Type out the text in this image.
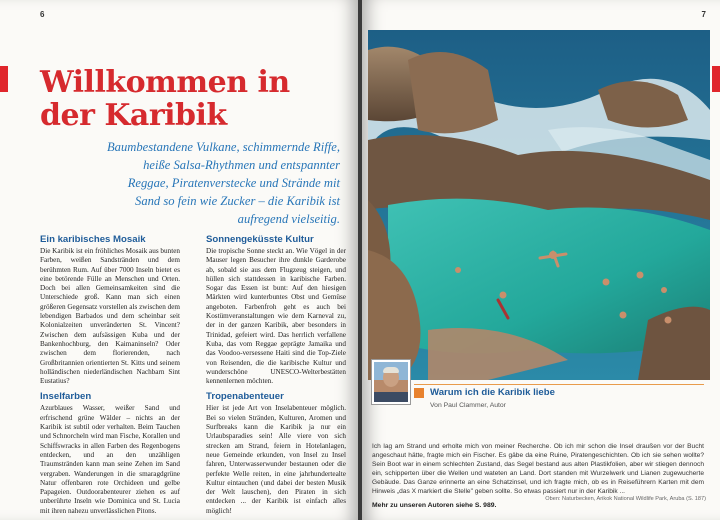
6
Willkommen in der Karibik

Baumbestandene Vulkane, schimmernde Riffe, heiße Salsa-Rhythmen und entspannter Reggae, Piratenverstecke und Strände mit Sand so fein wie Zucker – die Karibik ist aufregend vielseitig.

Ein karibisches Mosaik

Die Karibik ist ein fröhliches Mosaik aus bunten Farben, weißen Sandstränden und dem berühmten Rum. Auf über 7000 Inseln bietet es eine betörende Fülle an Menschen und Orten. Doch bei allen Gemeinsamkeiten sind die Unterschiede groß. Kann man sich einen größeren Gegensatz vorstellen als zwischen dem lebendigen Barbados und dem scheinbar seit Kolonialzeiten unveränderten St. Vincent? Zwischen dem aufsässigen Kuba und der Bankenhochburg, den Kaimaninseln? Oder zwischen dem florierenden, nach Großbritannien orientierten St. Kitts und seinem holländischen niederländischen Nachbarn Sint Eustatius?

Inselfarben

Azurblaues Wasser, weißer Sand und erfrischend grüne Wälder – nichts an der Karibik ist subtil oder verhalten. Beim Tauchen und Schnorcheln wird man Fische, Korallen und Schiffswracks in allen Farben des Regenbogens entdecken, und an den unzähligen Traumstränden kann man seine Zehen im Sand vergraben. Wanderungen in die smaragdgrüne Natur offenbaren rote Orchideen und gelbe Papageien. Outdoorabenteurer ziehen es auf unberührte Inseln wie Dominica und St. Lucia mit ihren nahezu unverlässlichen Pitons.

Sonnengeküsste Kultur

Die tropische Sonne steckt an. Wie Vögel in der Mauser legen Besucher ihre dunkle Garderobe ab, sobald sie aus dem Flugzeug steigen, und hüllen sich stattdessen in karibische Farben. Sogar das Essen ist bunt: Auf den hiesigen Märkten wird kunterbuntes Obst und Gemüse angeboten. Farbenfroh geht es auch bei Kostümveranstaltungen wie dem Karneval zu, der in der ganzen Karibik, aber besonders in Trinidad, gefeiert wird. Das herrlich verfallene Kuba, das vom Reggae geprägte Jamaika und das Voodoo-versessene Haiti sind die Top-Ziele von Reisenden, die die karibische Kultur und wunderschöne UNESCO-Welterbestätten kennenlernen möchten.

Tropenabenteuer

Hier ist jede Art von Inselabenteuer möglich. Bei so vielen Stränden, Kulturen, Aromen und Surfbreaks kann die Karibik ja nur ein Urlaubsparadies sein! Alle viere von sich strecken am Strand, feiern in Hotelanlagen, neue Gemeinde erkunden, von Insel zu Insel fahren, Unterwasserwunder bestaunen oder die perfekte Welle reiten, in eine jahrhundertealte Kultur eintauchen (und dabei der besten Musik der Welt lauschen), den Piraten in sich entdecken ... der Karibik ist einfach alles möglich!

7
Warum ich die Karibik liebe
Von Paul Clammer, Autor

Ich lag am Strand und erholte mich von meiner Recherche. Ob ich mir schon die Insel draußen vor der Bucht angeschaut hätte, fragte mich ein Fischer. Es gäbe da eine Ruine, Piratengeschichten. Ob ich sie sehen wollte? Sein Boot war in einem schlechten Zustand, das Segel bestand aus alten Plastikfolien, aber wir stiegen dennoch ein, schipperten über die Wellen und wateten an Land. Dort standen mit Wurzelwerk und Lianen zugewucherte Gebäude. Das Ganze erinnerte an eine Schatzinsel, und ich fragte mich, ob es in Reiseführern Karten mit dem Hinweis „das X markiert die Stelle" geben sollte. So etwas passiert nur in der Karibik ...

Mehr zu unseren Autoren siehe S. 989.
Oben: Naturbecken, Arikok National Wildlife Park, Aruba (S. 187)
